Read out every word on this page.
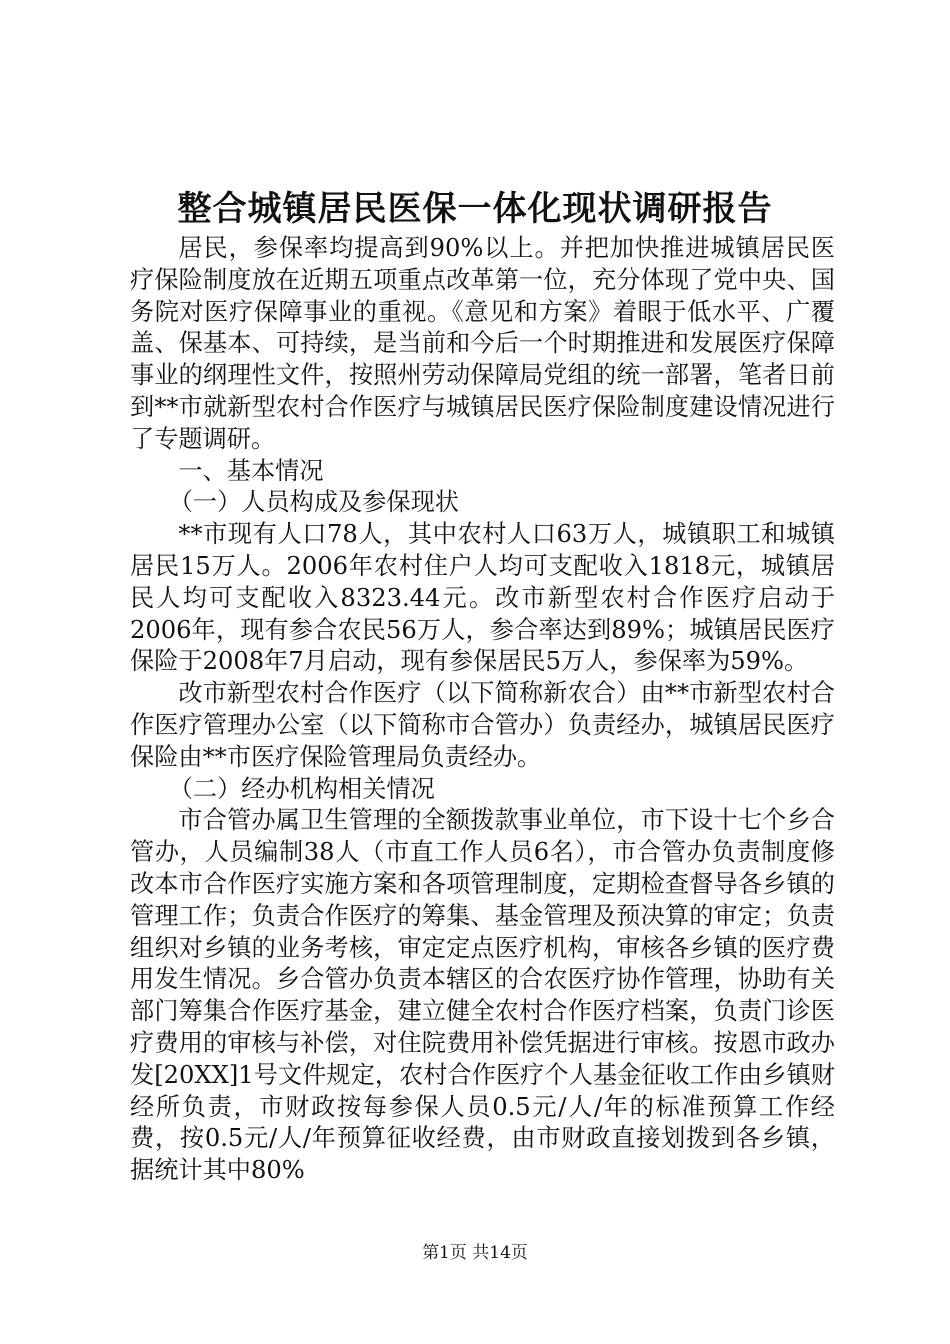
整合城镇居民医保一体化现状调研报告

居民，参保率均提高到90%以上。并把加快推进城镇居民医疗保险制度放在近期五项重点改革第一位，充分体现了党中央、国务院对医疗保障事业的重视。《意见和方案》着眼于低水平、广覆盖、保基本、可持续，是当前和今后一个时期推进和发展医疗保障事业的纲理性文件，按照州劳动保障局党组的统一部署，笔者日前到**市就新型农村合作医疗与城镇居民医疗保险制度建设情况进行了专题调研。

一、基本情况

（一）人员构成及参保现状

**市现有人口78人，其中农村人口63万人，城镇职工和城镇居民15万人。2006年农村住户人均可支配收入1818元，城镇居民人均可支配收入8323.44元。改市新型农村合作医疗启动于2006年，现有参合农民56万人，参合率达到89%；城镇居民医疗保险于2008年7月启动，现有参保居民5万人，参保率为59%。

改市新型农村合作医疗（以下简称新农合）由**市新型农村合作医疗管理办公室（以下简称市合管办）负责经办，城镇居民医疗保险由**市医疗保险管理局负责经办。

（二）经办机构相关情况

市合管办属卫生管理的全额拨款事业单位，市下设十七个乡合管办，人员编制38人（市直工作人员6名），市合管办负责制度修改本市合作医疗实施方案和各项管理制度，定期检查督导各乡镇的管理工作；负责合作医疗的筹集、基金管理及预决算的审定；负责组织对乡镇的业务考核，审定定点医疗机构，审核各乡镇的医疗费用发生情况。乡合管办负责本辖区的合农医疗协作管理，协助有关部门筹集合作医疗基金，建立健全农村合作医疗档案，负责门诊医疗费用的审核与补偿，对住院费用补偿凭据进行审核。按恩市政办发[20XX]1号文件规定，农村合作医疗个人基金征收工作由乡镇财经所负责，市财政按每参保人员0.5元/人/年的标准预算工作经费，按0.5元/人/年预算征收经费，由市财政直接划拨到各乡镇，据统计其中80%

第1页 共14页
